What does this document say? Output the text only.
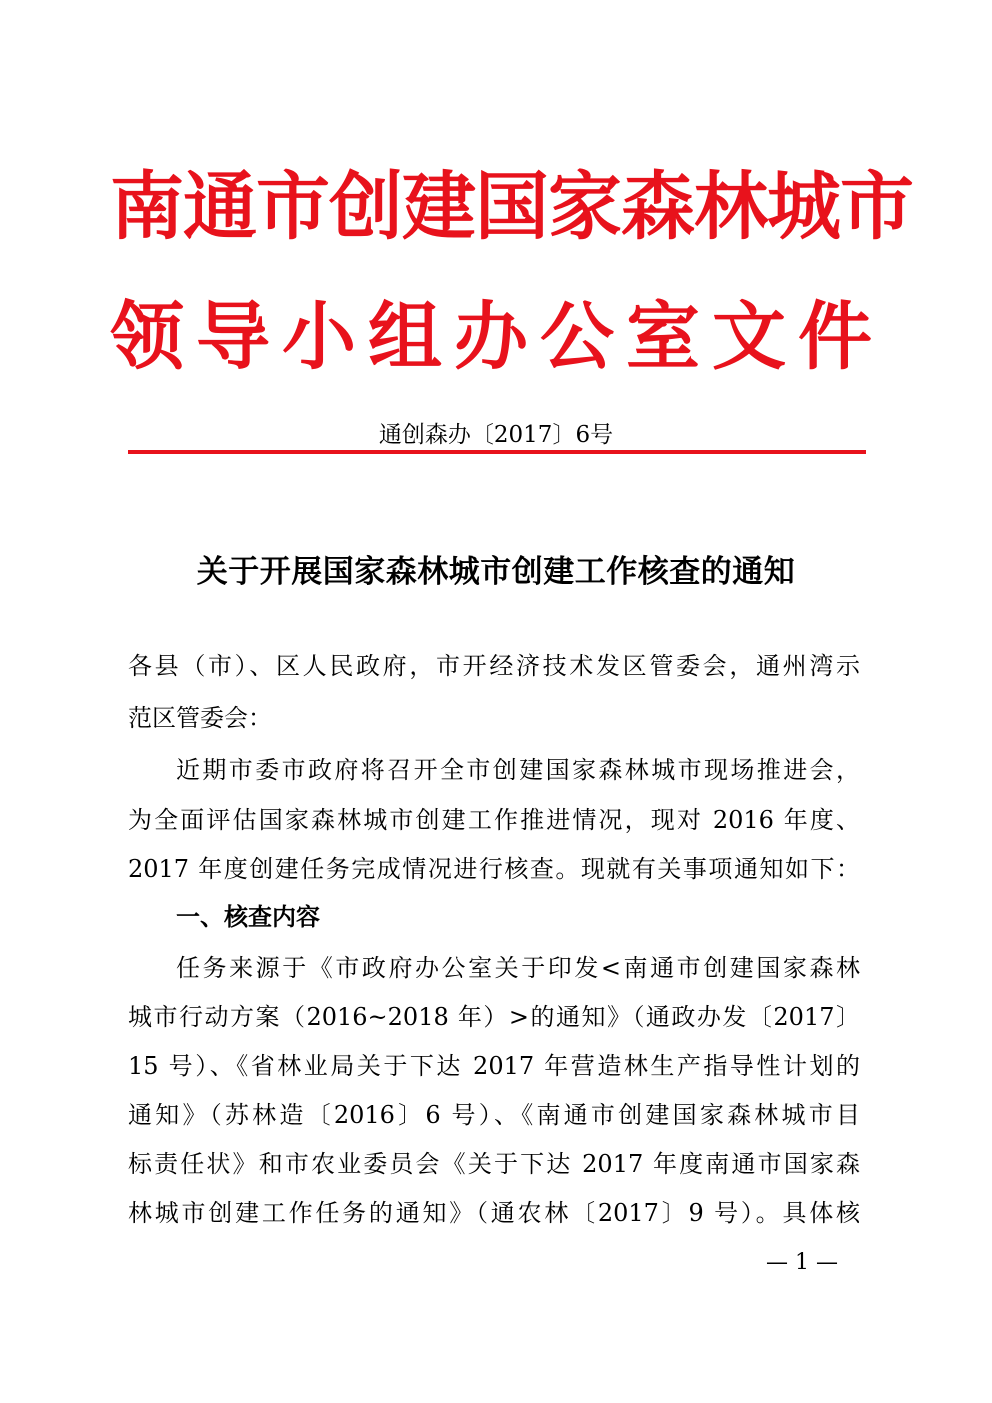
南通市创建国家森林城市
领导小组办公室文件
通创森办〔2017〕6号
关于开展国家森林城市创建工作核查的通知
各县（市）、区人民政府，市开经济技术发区管委会，通州湾示
范区管委会：
近期市委市政府将召开全市创建国家森林城市现场推进会，
为全面评估国家森林城市创建工作推进情况，现对 2016 年度、
2017 年度创建任务完成情况进行核查。现就有关事项通知如下：
一、核查内容
任务来源于《市政府办公室关于印发<南通市创建国家森林
城市行动方案（2016~2018 年）>的通知》（通政办发〔2017〕
15 号）、《省林业局关于下达 2017 年营造林生产指导性计划的
通知》（苏林造〔2016〕6 号）、《南通市创建国家森林城市目
标责任状》和市农业委员会《关于下达 2017 年度南通市国家森
林城市创建工作任务的通知》（通农林〔2017〕9 号）。具体核
— 1 —
